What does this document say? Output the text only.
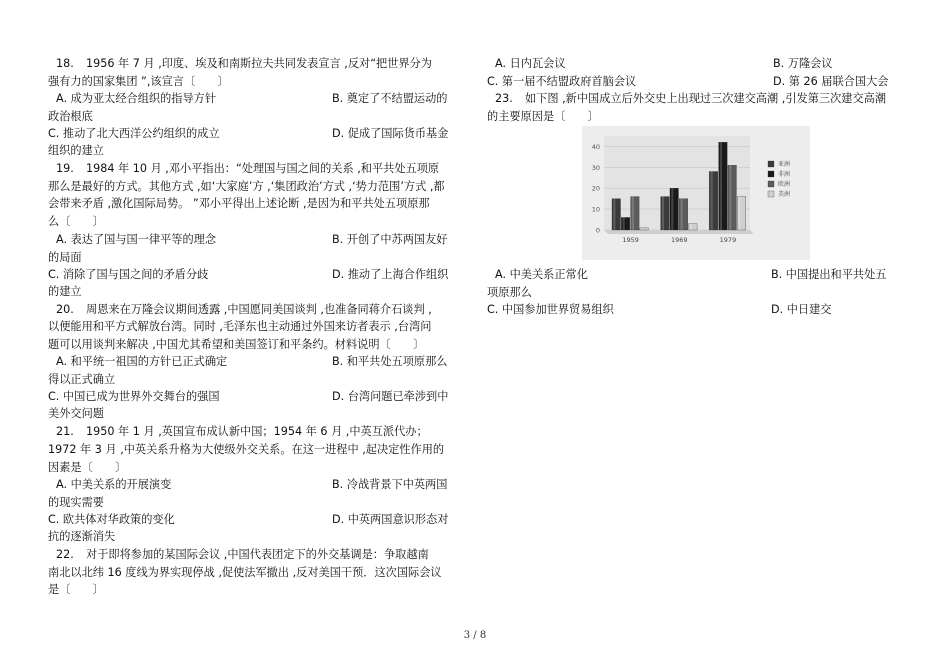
18. 1956 年 7 月 ,印度、埃及和南斯拉夫共同发表宣言 ,反对“把世界分为
强有力的国家集团 ”,该宣言〔　　〕
A. 成为亚太经合组织的指导方针	B. 奠定了不结盟运动的
政治根底
C. 推动了北大西洋公约组织的成立	D. 促成了国际货币基金
组织的建立
19. 1984 年 10 月 ,邓小平指出：“处理国与国之间的关系 ,和平共处五项原
那么是最好的方式。其他方式 ,如‘大家庭’方 ,‘集团政治’方式 ,‘势力范围’方式 ,都
会带来矛盾 ,激化国际局势。 ”邓小平得出上述论断 ,是因为和平共处五项原那
么〔　　〕
A. 表达了国与国一律平等的理念	B. 开创了中苏两国友好
的局面
C. 消除了国与国之间的矛盾分歧	D. 推动了上海合作组织
的建立
20. 周恩来在万隆会议期间透露 ,中国愿同美国谈判 ,也准备同蒋介石谈判 ,
以便能用和平方式解放台湾。同时 ,毛泽东也主动通过外国来访者表示 ,台湾问
题可以用谈判来解决 ,中国尤其希望和美国签订和平条约。材料说明〔　　〕
A. 和平统一祖国的方针已正式确定	B. 和平共处五项原那么
得以正式确立
C. 中国已成为世界外交舞台的强国	D. 台湾问题已牵涉到中
美外交问题
21. 1950 年 1 月 ,英国宣布成认新中国；1954 年 6 月 ,中英互派代办；
1972 年 3 月 ,中英关系升格为大使级外交关系。在这一进程中 ,起决定性作用的
因素是〔　　〕
A. 中美关系的开展演变	B. 冷战背景下中英两国
的现实需要
C. 欧共体对华政策的变化	D. 中英两国意识形态对
抗的逐渐消失
22. 对于即将参加的某国际会议 ,中国代表团定下的外交基调是：争取越南
南北以北纬 16 度线为界实现停战 ,促使法军撤出 ,反对美国干预．这次国际会议
是〔　　〕
A. 日内瓦会议	B. 万隆会议
C. 第一届不结盟政府首脑会议	D. 第 26 届联合国大会
23. 如下图 ,新中国成立后外交史上出现过三次建交高潮 ,引发第三次建交高潮
的主要原因是〔　　〕
0
10
20
30
40
1959	1969	1979
亚洲
非洲
欧洲
美洲
A. 中美关系正常化	B. 中国提出和平共处五
项原那么
C. 中国参加世界贸易组织	D. 中日建交
3 / 8
